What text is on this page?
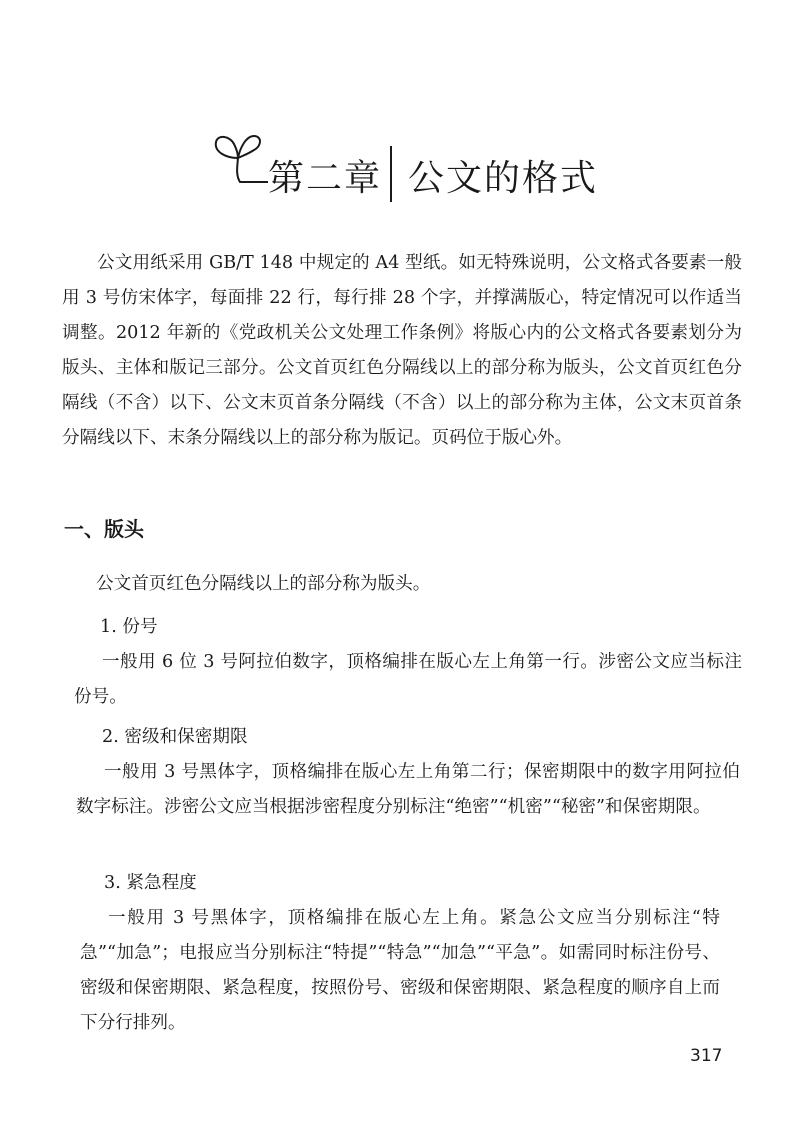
第二章 公文的格式
公文用纸采用 GB/T 148 中规定的 A4 型纸。如无特殊说明，公文格式各要素一般用 3 号仿宋体字，每面排 22 行，每行排 28 个字，并撑满版心，特定情况可以作适当调整。2012 年新的《党政机关公文处理工作条例》将版心内的公文格式各要素划分为版头、主体和版记三部分。公文首页红色分隔线以上的部分称为版头，公文首页红色分隔线（不含）以下、公文末页首条分隔线（不含）以上的部分称为主体，公文末页首条分隔线以下、末条分隔线以上的部分称为版记。页码位于版心外。
一、版头
公文首页红色分隔线以上的部分称为版头。
1. 份号
一般用 6 位 3 号阿拉伯数字，顶格编排在版心左上角第一行。涉密公文应当标注份号。
2. 密级和保密期限
一般用 3 号黑体字，顶格编排在版心左上角第二行；保密期限中的数字用阿拉伯数字标注。涉密公文应当根据涉密程度分别标注“绝密”“机密”“秘密”和保密期限。
3. 紧急程度
一般用 3 号黑体字，顶格编排在版心左上角。紧急公文应当分别标注“特急”“加急”；电报应当分别标注“特提”“特急”“加急”“平急”。如需同时标注份号、密级和保密期限、紧急程度，按照份号、密级和保密期限、紧急程度的顺序自上而下分行排列。
317
